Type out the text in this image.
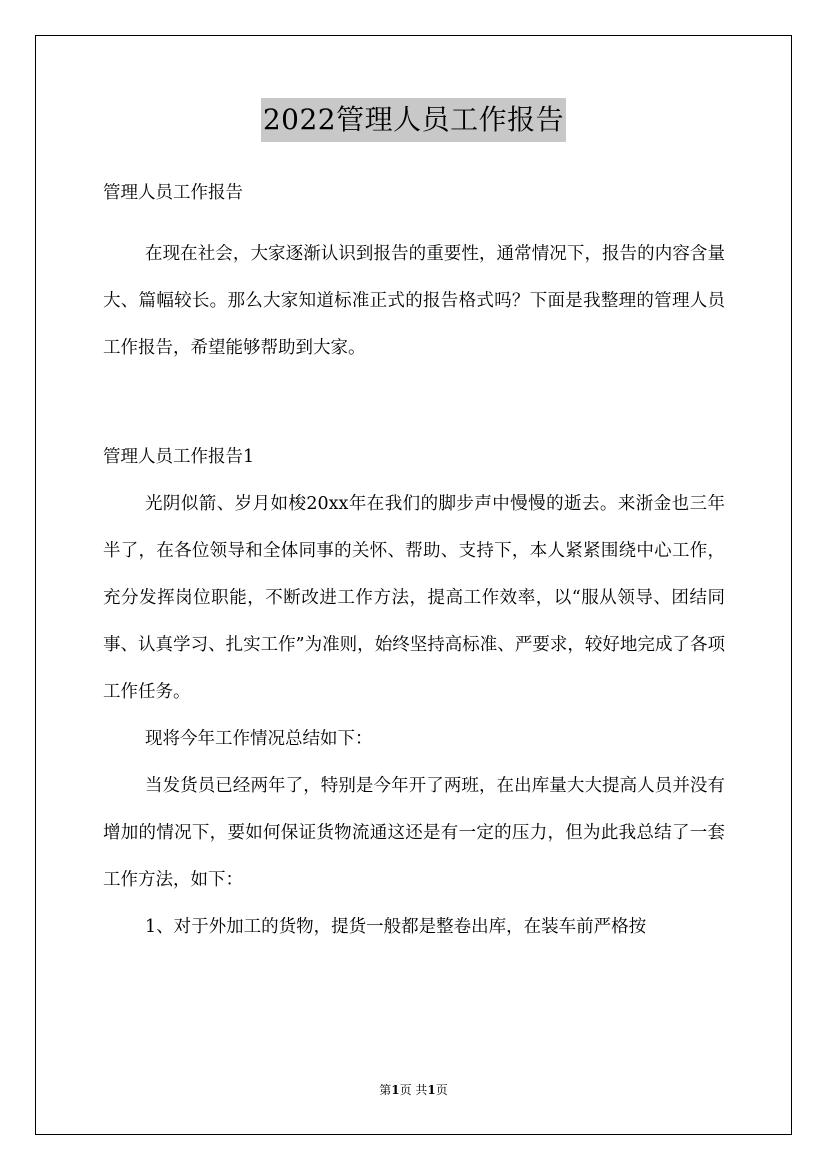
2022管理人员工作报告

管理人员工作报告

在现在社会，大家逐渐认识到报告的重要性，通常情况下，报告的内容含量大、篇幅较长。那么大家知道标准正式的报告格式吗？下面是我整理的管理人员工作报告，希望能够帮助到大家。

管理人员工作报告1

光阴似箭、岁月如梭20xx年在我们的脚步声中慢慢的逝去。来浙金也三年半了，在各位领导和全体同事的关怀、帮助、支持下，本人紧紧围绕中心工作，充分发挥岗位职能，不断改进工作方法，提高工作效率，以“服从领导、团结同事、认真学习、扎实工作”为准则，始终坚持高标准、严要求，较好地完成了各项工作任务。

现将今年工作情况总结如下：

当发货员已经两年了，特别是今年开了两班，在出库量大大提高人员并没有增加的情况下，要如何保证货物流通这还是有一定的压力，但为此我总结了一套工作方法，如下：

1、对于外加工的货物，提货一般都是整卷出库，在装车前严格按

第1页 共1页
